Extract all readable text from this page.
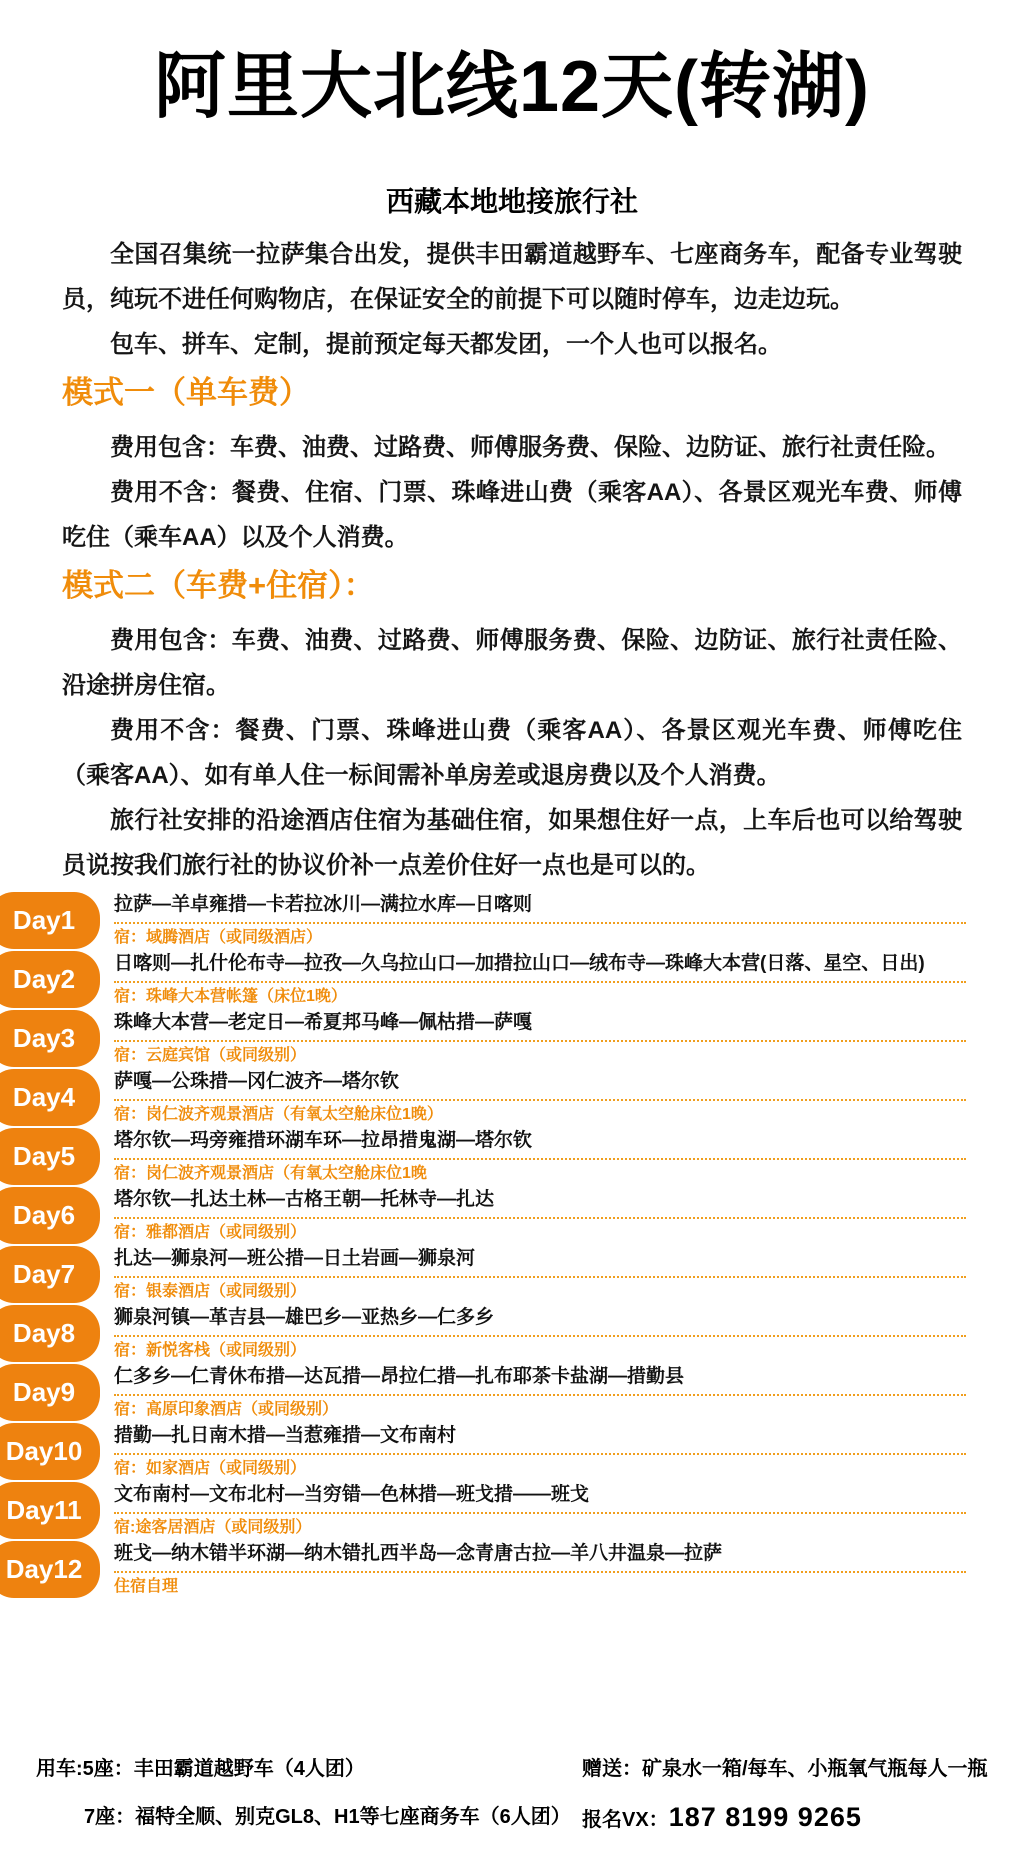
阿里大北线12天(转湖)
西藏本地地接旅行社

全国召集统一拉萨集合出发，提供丰田霸道越野车、七座商务车，配备专业驾驶员，纯玩不进任何购物店，在保证安全的前提下可以随时停车，边走边玩。

包车、拼车、定制，提前预定每天都发团，一个人也可以报名。

模式一（单车费）

费用包含：车费、油费、过路费、师傅服务费、保险、边防证、旅行社责任险。

费用不含：餐费、住宿、门票、珠峰进山费（乘客AA）、各景区观光车费、师傅吃住（乘车AA）以及个人消费。

模式二（车费+住宿）：

费用包含：车费、油费、过路费、师傅服务费、保险、边防证、旅行社责任险、沿途拼房住宿。

费用不含：餐费、门票、珠峰进山费（乘客AA）、各景区观光车费、师傅吃住（乘客AA）、如有单人住一标间需补单房差或退房费以及个人消费。

旅行社安排的沿途酒店住宿为基础住宿，如果想住好一点，上车后也可以给驾驶员说按我们旅行社的协议价补一点差价住好一点也是可以的。

Day1
拉萨—羊卓雍措—卡若拉冰川—满拉水库—日喀则
宿：域腾酒店（或同级酒店）
Day2
日喀则—扎什伦布寺—拉孜—久乌拉山口—加措拉山口—绒布寺—珠峰大本营(日落、星空、日出)
宿：珠峰大本营帐篷（床位1晚）
Day3
珠峰大本营—老定日—希夏邦马峰—佩枯措—萨嘎
宿：云庭宾馆（或同级别）
Day4
萨嘎—公珠措—冈仁波齐—塔尔钦
宿：岗仁波齐观景酒店（有氧太空舱床位1晚）
Day5
塔尔钦—玛旁雍措环湖车环—拉昂措鬼湖—塔尔钦
宿：岗仁波齐观景酒店（有氧太空舱床位1晚
Day6
塔尔钦—扎达土林—古格王朝—托林寺—扎达
宿：雅都酒店（或同级别）
Day7
扎达—狮泉河—班公措—日土岩画—狮泉河
宿：银泰酒店（或同级别）
Day8
狮泉河镇—革吉县—雄巴乡—亚热乡—仁多乡
宿：新悦客栈（或同级别）
Day9
仁多乡—仁青休布措—达瓦措—昂拉仁措—扎布耶茶卡盐湖—措勤县
宿：高原印象酒店（或同级别）
Day10
措勤—扎日南木措—当惹雍措—文布南村
宿：如家酒店（或同级别）
Day11
文布南村—文布北村—当穷错—色林措—班戈措——班戈
宿:途客居酒店（或同级别）
Day12
班戈—纳木错半环湖—纳木错扎西半岛—念青唐古拉—羊八井温泉—拉萨
住宿自理
用车:5座：丰田霸道越野车（4人团）	赠送：矿泉水一箱/每车、小瓶氧气瓶每人一瓶
7座：福特全顺、别克GL8、H1等七座商务车（6人团） 报名VX：187 8199 9265
